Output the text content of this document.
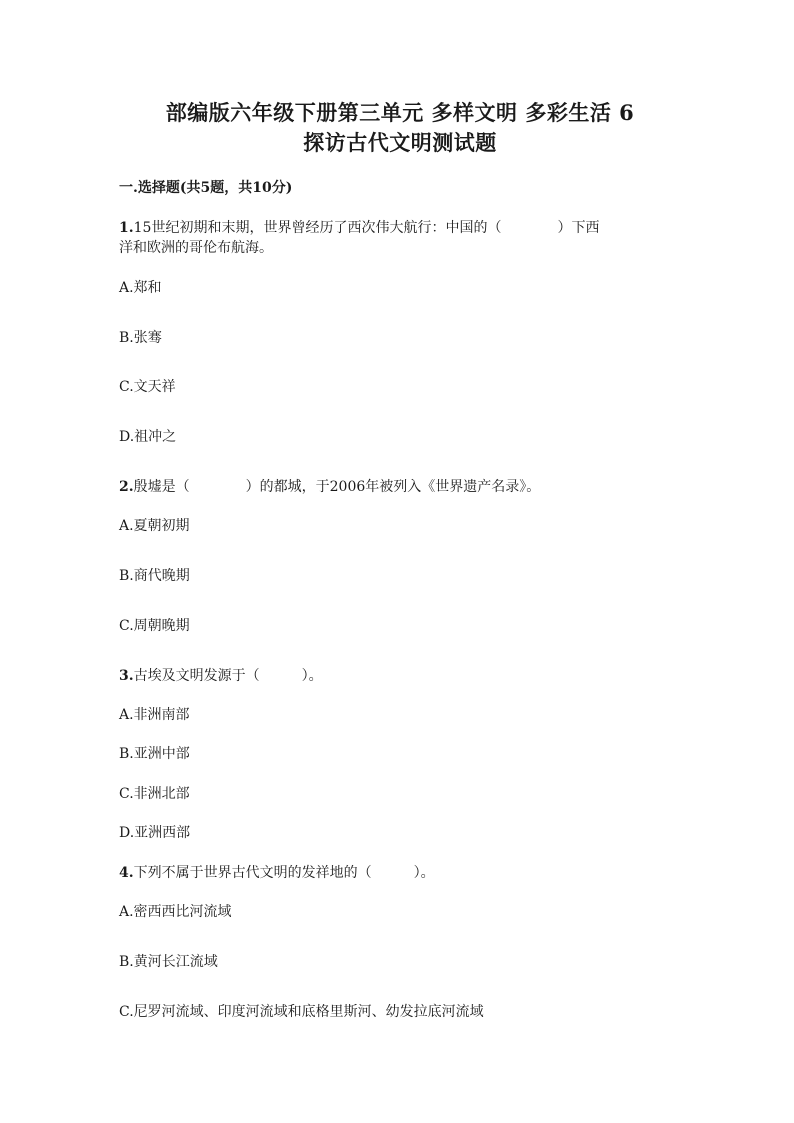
部编版六年级下册第三单元 多样文明 多彩生活 6
探访古代文明测试题
一.选择题(共5题，共10分)
1.15世纪初期和末期，世界曾经历了西次伟大航行：中国的（　　　　）下西
洋和欧洲的哥伦布航海。
A.郑和
B.张骞
C.文天祥
D.祖冲之
2.殷墟是（　　　　）的都城，于2006年被列入《世界遗产名录》。
A.夏朝初期
B.商代晚期
C.周朝晚期
3.古埃及文明发源于（　　　）。
A.非洲南部
B.亚洲中部
C.非洲北部
D.亚洲西部
4.下列不属于世界古代文明的发祥地的（　　　）。
A.密西西比河流域
B.黄河长江流域
C.尼罗河流域、印度河流域和底格里斯河、幼发拉底河流域
